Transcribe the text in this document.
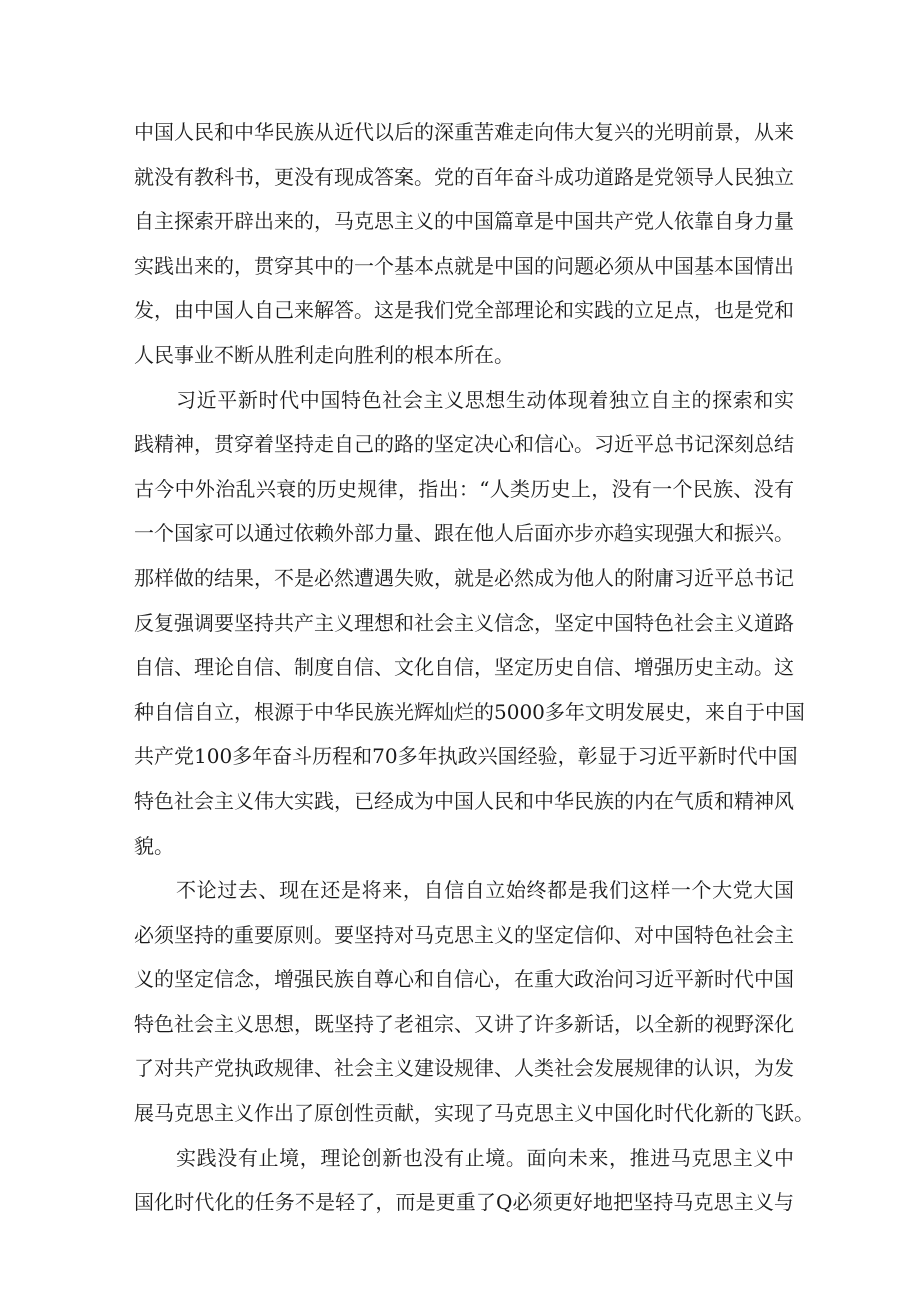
中国人民和中华民族从近代以后的深重苦难走向伟大复兴的光明前景，从来
就没有教科书，更没有现成答案。党的百年奋斗成功道路是党领导人民独立
自主探索开辟出来的，马克思主义的中国篇章是中国共产党人依靠自身力量
实践出来的，贯穿其中的一个基本点就是中国的问题必须从中国基本国情出
发，由中国人自己来解答。这是我们党全部理论和实践的立足点，也是党和
人民事业不断从胜利走向胜利的根本所在。
习近平新时代中国特色社会主义思想生动体现着独立自主的探索和实
践精神，贯穿着坚持走自己的路的坚定决心和信心。习近平总书记深刻总结
古今中外治乱兴衰的历史规律，指出：“人类历史上，没有一个民族、没有
一个国家可以通过依赖外部力量、跟在他人后面亦步亦趋实现强大和振兴。
那样做的结果，不是必然遭遇失败，就是必然成为他人的附庸习近平总书记
反复强调要坚持共产主义理想和社会主义信念，坚定中国特色社会主义道路
自信、理论自信、制度自信、文化自信，坚定历史自信、增强历史主动。这
种自信自立，根源于中华民族光辉灿烂的5000多年文明发展史，来自于中国
共产党100多年奋斗历程和70多年执政兴国经验，彰显于习近平新时代中国
特色社会主义伟大实践，已经成为中国人民和中华民族的内在气质和精神风
貌。
不论过去、现在还是将来，自信自立始终都是我们这样一个大党大国
必须坚持的重要原则。要坚持对马克思主义的坚定信仰、对中国特色社会主
义的坚定信念，增强民族自尊心和自信心，在重大政治问习近平新时代中国
特色社会主义思想，既坚持了老祖宗、又讲了许多新话，以全新的视野深化
了对共产党执政规律、社会主义建设规律、人类社会发展规律的认识，为发
展马克思主义作出了原创性贡献，实现了马克思主义中国化时代化新的飞跃。
实践没有止境，理论创新也没有止境。面向未来，推进马克思主义中
国化时代化的任务不是轻了，而是更重了Q必须更好地把坚持马克思主义与
